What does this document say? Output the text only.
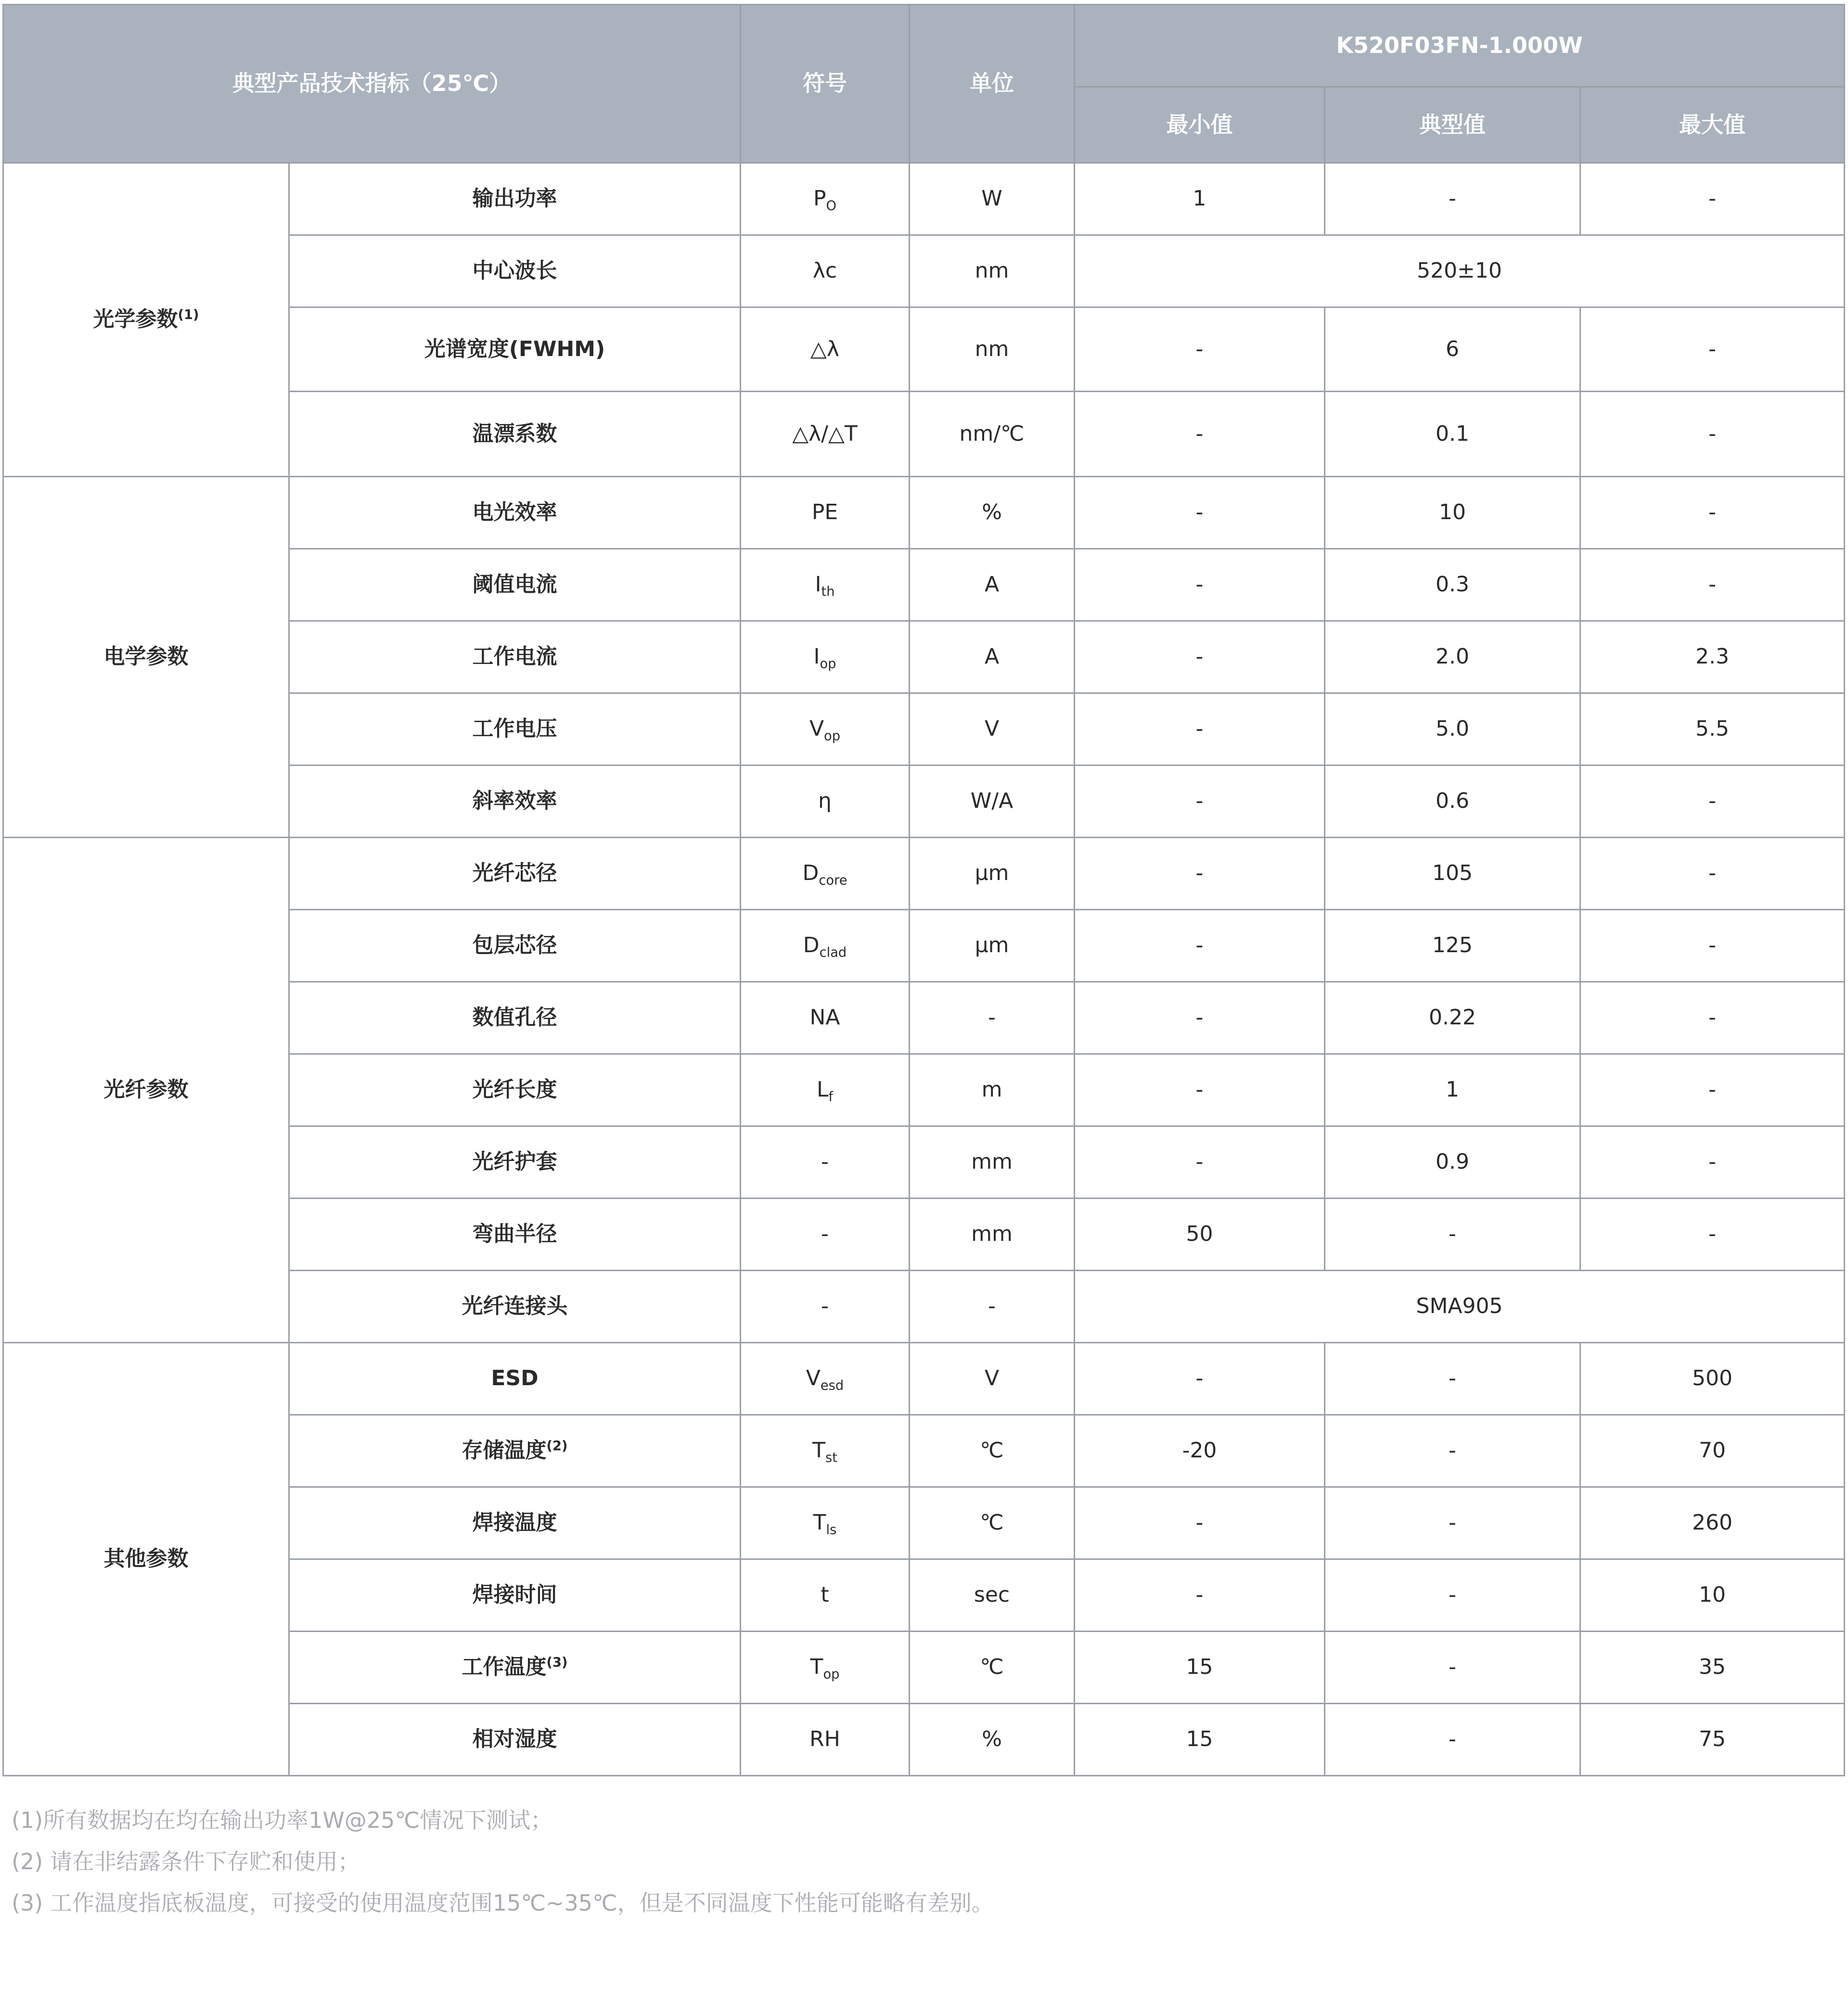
典型产品技术指标（25℃）		符号	单位	K520F03FN-1.000W		
				最小值	典型值	最大值
光学参数$^{(1)}$	输出功率	$P_O$	W	1	-	-
	中心波长	λc	nm	520±10		
	光谱宽度(FWHM)	△λ	nm	-	6	-
	温漂系数	△λ/△T	nm/℃	-	0.1	-
电学参数	电光效率	PE	%	-	10	-
	阈值电流	$I_{th}$	A	-	0.3	-
	工作电流	$I_{op}$	A	-	2.0	2.3
	工作电压	$V_{op}$	V	-	5.0	5.5
	斜率效率	η	W/A	-	0.6	-
光纤参数	光纤芯径	$D_{core}$	μm	-	105	-
	包层芯径	$D_{clad}$	μm	-	125	-
	数值孔径	NA	-	-	0.22	-
	光纤长度	$L_f$	m	-	1	-
	光纤护套	-	mm	-	0.9	-
	弯曲半径	-	mm	50	-	-
	光纤连接头	-	-	SMA905		
其他参数	ESD	$V_{esd}$	V	-	-	500
	存储温度$^{(2)}$	$T_{st}$	℃	-20	-	70
	焊接温度	$T_{ls}$	℃	-	-	260
	焊接时间	t	sec	-	-	10
	工作温度$^{(3)}$	$T_{op}$	℃	15	-	35
	相对湿度	RH	%	15	-	75
(1)所有数据均在均在输出功率1W@25℃情况下测试；
(2) 请在非结露条件下存贮和使用；
(3) 工作温度指底板温度，可接受的使用温度范围15℃~35℃，但是不同温度下性能可能略有差别。
